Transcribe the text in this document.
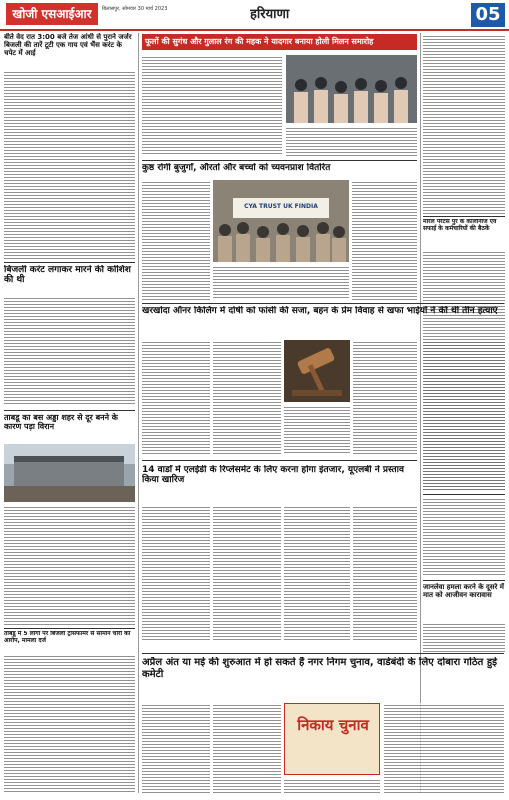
खोजी एसआईआर	बिलासपुर, सोमवार 30 मार्च 2023	हरियाणा	05
बीते वेद रात 3:00 बजे तेज आंधी से पुराने जर्जर बिजली की तारें टूटी एक गाय एवं भैंस करंट के चपेट में आई
फूलों की सुगंध और गुलाल रंग की महक ने यादगार बनाया होली मिलन समारोह
मोरल पैरेंटस पुर के कॉलोनीज एवं सफाई के कर्मचारियों की बैठकें
कुष्ठ रोगी बुजुर्गों, औरतों और बच्चों को च्यवनप्राश वितरित
CYA TRUST UK FINDIA
बिजली करंट लगाकर मारने की कोशिश की थी
खरखोदा ऑनर किलिंग में दोषी को फांसी की सजा, बहन के प्रेम विवाह से खफा भाईयों ने की थी तीन हत्याएं
ताबडू का बस अड्डा शहर से दूर बनने के कारण पड़ा विरान
14 वार्डों में एलईडी के रिप्लेसमेंट के लिए करना होगा इंतजार, यूएलबी ने प्रस्ताव किया खारिज
जानलेवा हमला करने के दूसरे में मात को आजीवन कारावास
ताबडू में 5 लोगों पर बिजली ट्रांसफार्मर से सामान चोरी का आरोप, मामला दर्ज
अप्रैल अंत या मई की शुरुआत में हो सकते हैं नगर निगम चुनाव, वार्डबंदी के लिए दोबारा गठित हुई कमेटी
निकाय चुनाव
